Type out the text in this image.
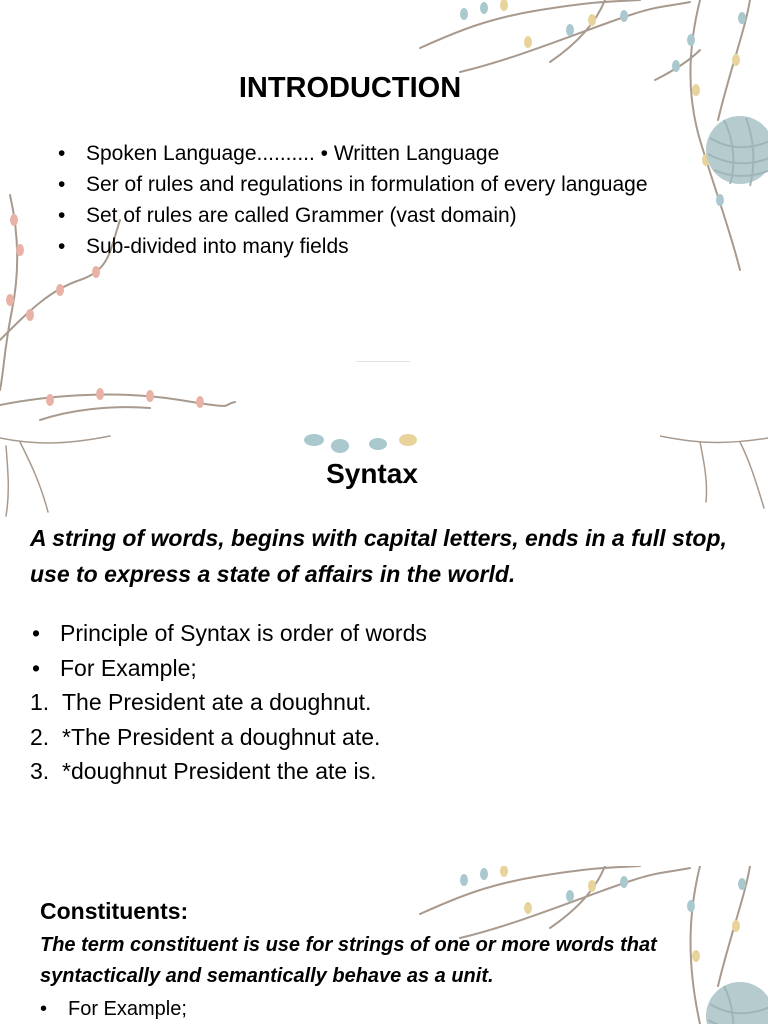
INTRODUCTION
• Spoken Language.......... • Written Language
• Ser of rules and regulations in formulation of every language
• Set of rules are called Grammer (vast domain)
• Sub-divided into many fields
Syntax

A string of words, begins with capital letters, ends in a full stop, use to express a state of affairs in the world.

• Principle of Syntax is order of words
• For Example;
1. The President ate a doughnut.
2. *The President a doughnut ate.
3. *doughnut President the ate is.
Constituents:

The term constituent is use for strings of one or more words that syntactically and semantically behave as a unit.

• For Example;
